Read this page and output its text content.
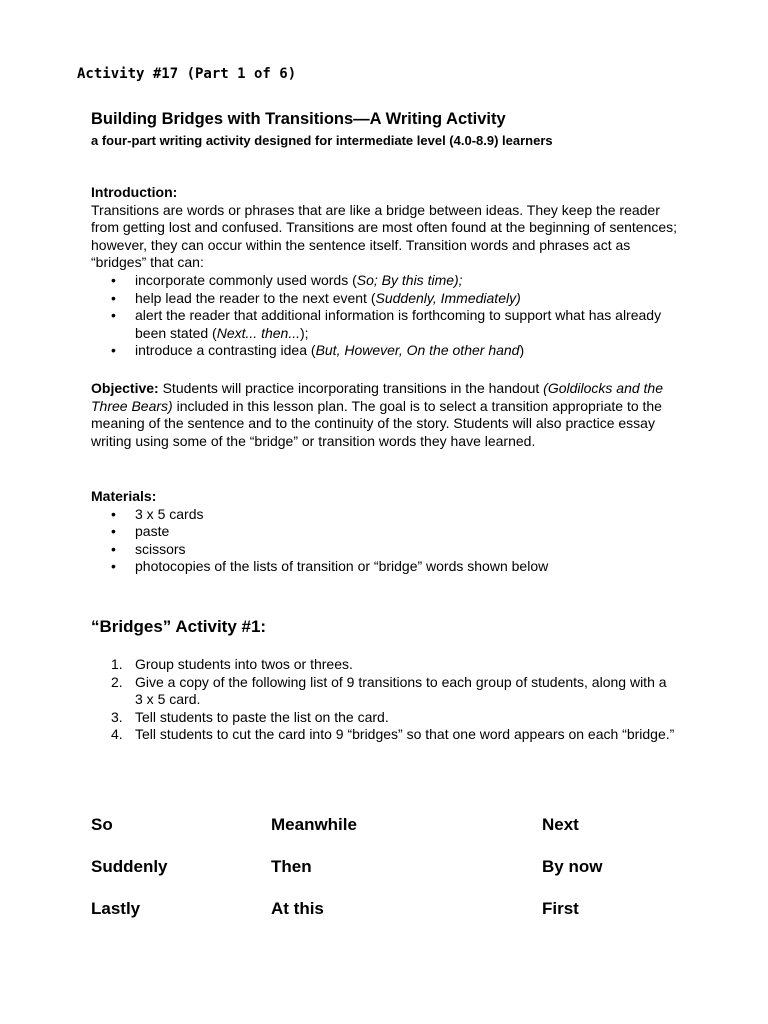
Activity #17 (Part 1 of 6)
Building Bridges with Transitions—A Writing Activity
a four-part writing activity designed for intermediate level (4.0-8.9) learners
Introduction:

Transitions are words or phrases that are like a bridge between ideas. They keep the reader from getting lost and confused. Transitions are most often found at the beginning of sentences; however, they can occur within the sentence itself. Transition words and phrases act as “bridges” that can:

• incorporate commonly used words (So; By this time);
• help lead the reader to the next event (Suddenly, Immediately)
• alert the reader that additional information is forthcoming to support what has already been stated (Next... then...);
• introduce a contrasting idea (But, However, On the other hand)

Objective: Students will practice incorporating transitions in the handout (Goldilocks and the Three Bears) included in this lesson plan. The goal is to select a transition appropriate to the meaning of the sentence and to the continuity of the story. Students will also practice essay writing using some of the “bridge” or transition words they have learned.

Materials:
• 3 x 5 cards
• paste
• scissors
• photocopies of the lists of transition or “bridge” words shown below
“Bridges” Activity #1:
1. Group students into twos or threes.
2. Give a copy of the following list of 9 transitions to each group of students, along with a
3 x 5 card.
3. Tell students to paste the list on the card.
4. Tell students to cut the card into 9 “bridges” so that one word appears on each “bridge.”
So	Meanwhile	Next
Suddenly	Then	By now
Lastly	At this	First
